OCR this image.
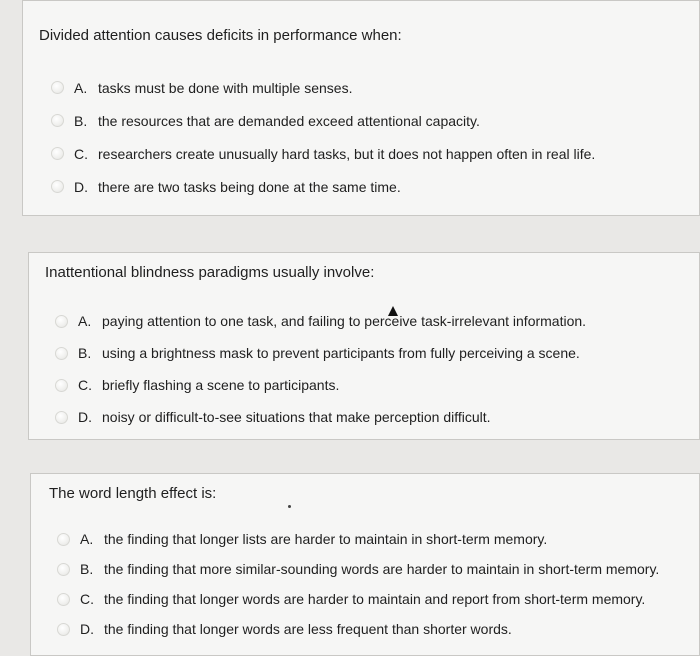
Divided attention causes deficits in performance when:
A. tasks must be done with multiple senses.
B. the resources that are demanded exceed attentional capacity.
C. researchers create unusually hard tasks, but it does not happen often in real life.
D. there are two tasks being done at the same time.
Inattentional blindness paradigms usually involve:
A. paying attention to one task, and failing to perceive task-irrelevant information.
B. using a brightness mask to prevent participants from fully perceiving a scene.
C. briefly flashing a scene to participants.
D. noisy or difficult-to-see situations that make perception difficult.
The word length effect is:
A. the finding that longer lists are harder to maintain in short-term memory.
B. the finding that more similar-sounding words are harder to maintain in short-term memory.
C. the finding that longer words are harder to maintain and report from short-term memory.
D. the finding that longer words are less frequent than shorter words.
